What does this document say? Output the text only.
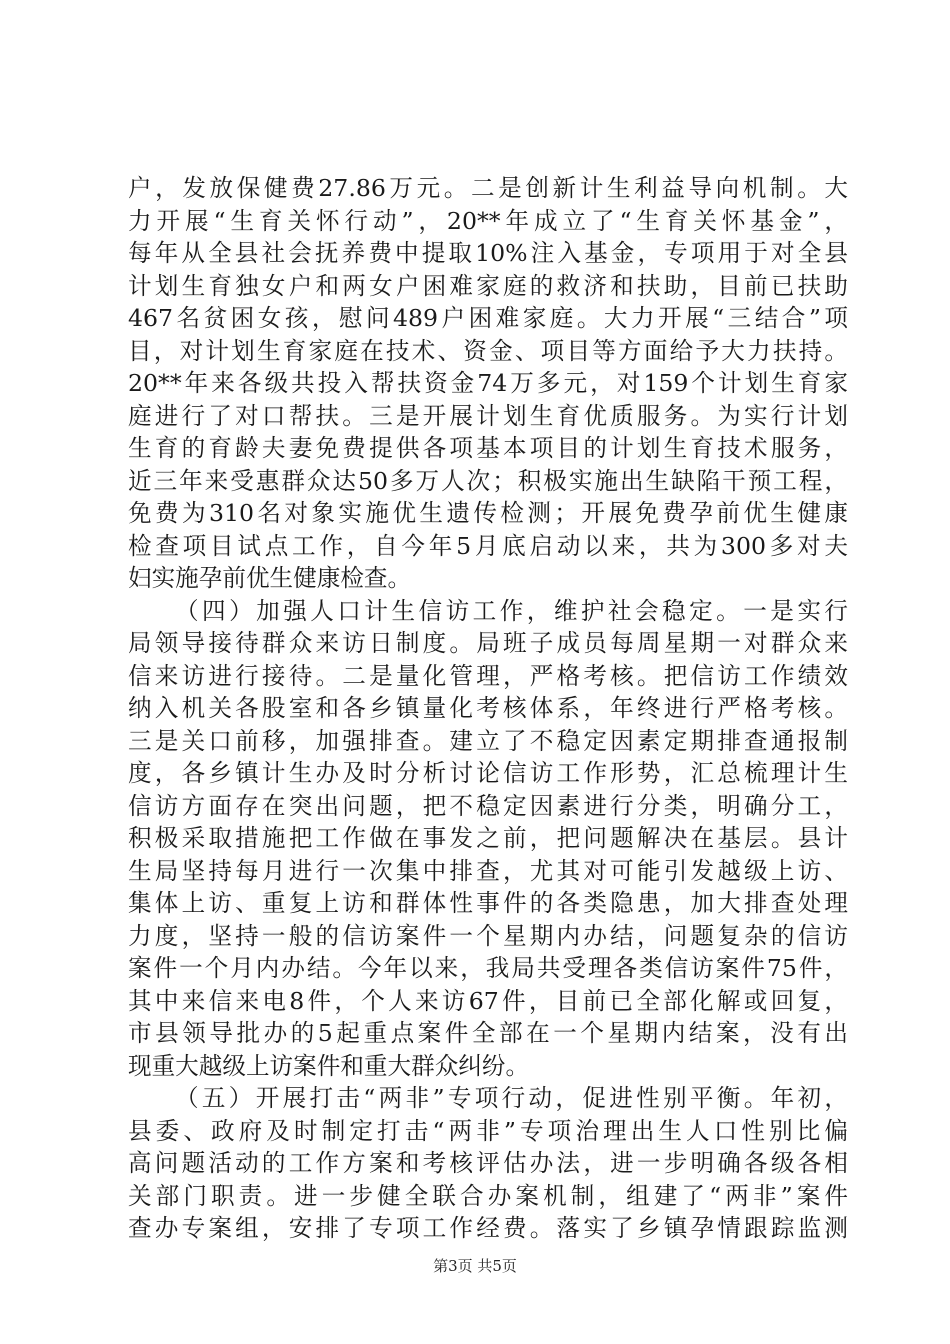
户，发放保健费27.86万元。二是创新计生利益导向机制。大
力开展“生育关怀行动”，20**年成立了“生育关怀基金”，
每年从全县社会抚养费中提取10%注入基金，专项用于对全县
计划生育独女户和两女户困难家庭的救济和扶助，目前已扶助
467名贫困女孩，慰问489户困难家庭。大力开展“三结合”项
目，对计划生育家庭在技术、资金、项目等方面给予大力扶持。
20**年来各级共投入帮扶资金74万多元，对159个计划生育家
庭进行了对口帮扶。三是开展计划生育优质服务。为实行计划
生育的育龄夫妻免费提供各项基本项目的计划生育技术服务，
近三年来受惠群众达50多万人次；积极实施出生缺陷干预工程，
免费为310名对象实施优生遗传检测；开展免费孕前优生健康
检查项目试点工作，自今年5月底启动以来，共为300多对夫
妇实施孕前优生健康检查。
（四）加强人口计生信访工作，维护社会稳定。一是实行
局领导接待群众来访日制度。局班子成员每周星期一对群众来
信来访进行接待。二是量化管理，严格考核。把信访工作绩效
纳入机关各股室和各乡镇量化考核体系，年终进行严格考核。
三是关口前移，加强排查。建立了不稳定因素定期排查通报制
度，各乡镇计生办及时分析讨论信访工作形势，汇总梳理计生
信访方面存在突出问题，把不稳定因素进行分类，明确分工，
积极采取措施把工作做在事发之前，把问题解决在基层。县计
生局坚持每月进行一次集中排查，尤其对可能引发越级上访、
集体上访、重复上访和群体性事件的各类隐患，加大排查处理
力度，坚持一般的信访案件一个星期内办结，问题复杂的信访
案件一个月内办结。今年以来，我局共受理各类信访案件75件，
其中来信来电8件，个人来访67件，目前已全部化解或回复，
市县领导批办的5起重点案件全部在一个星期内结案，没有出
现重大越级上访案件和重大群众纠纷。
（五）开展打击“两非”专项行动，促进性别平衡。年初，
县委、政府及时制定打击“两非”专项治理出生人口性别比偏
高问题活动的工作方案和考核评估办法，进一步明确各级各相
关部门职责。进一步健全联合办案机制，组建了“两非”案件
查办专案组，安排了专项工作经费。落实了乡镇孕情跟踪监测
第3页 共5页
